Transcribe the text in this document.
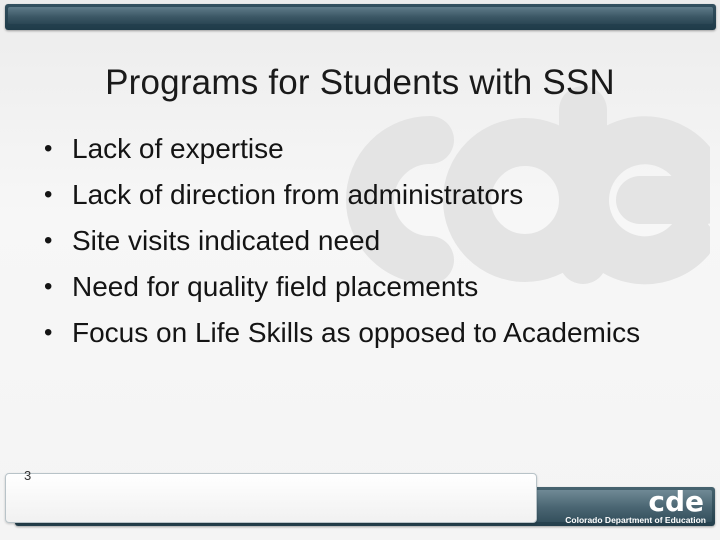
Programs for Students with SSN
• Lack of expertise
• Lack of direction from administrators
• Site visits indicated need
• Need for quality field placements
• Focus on Life Skills as opposed to Academics
3
cde
Colorado Department of Education
